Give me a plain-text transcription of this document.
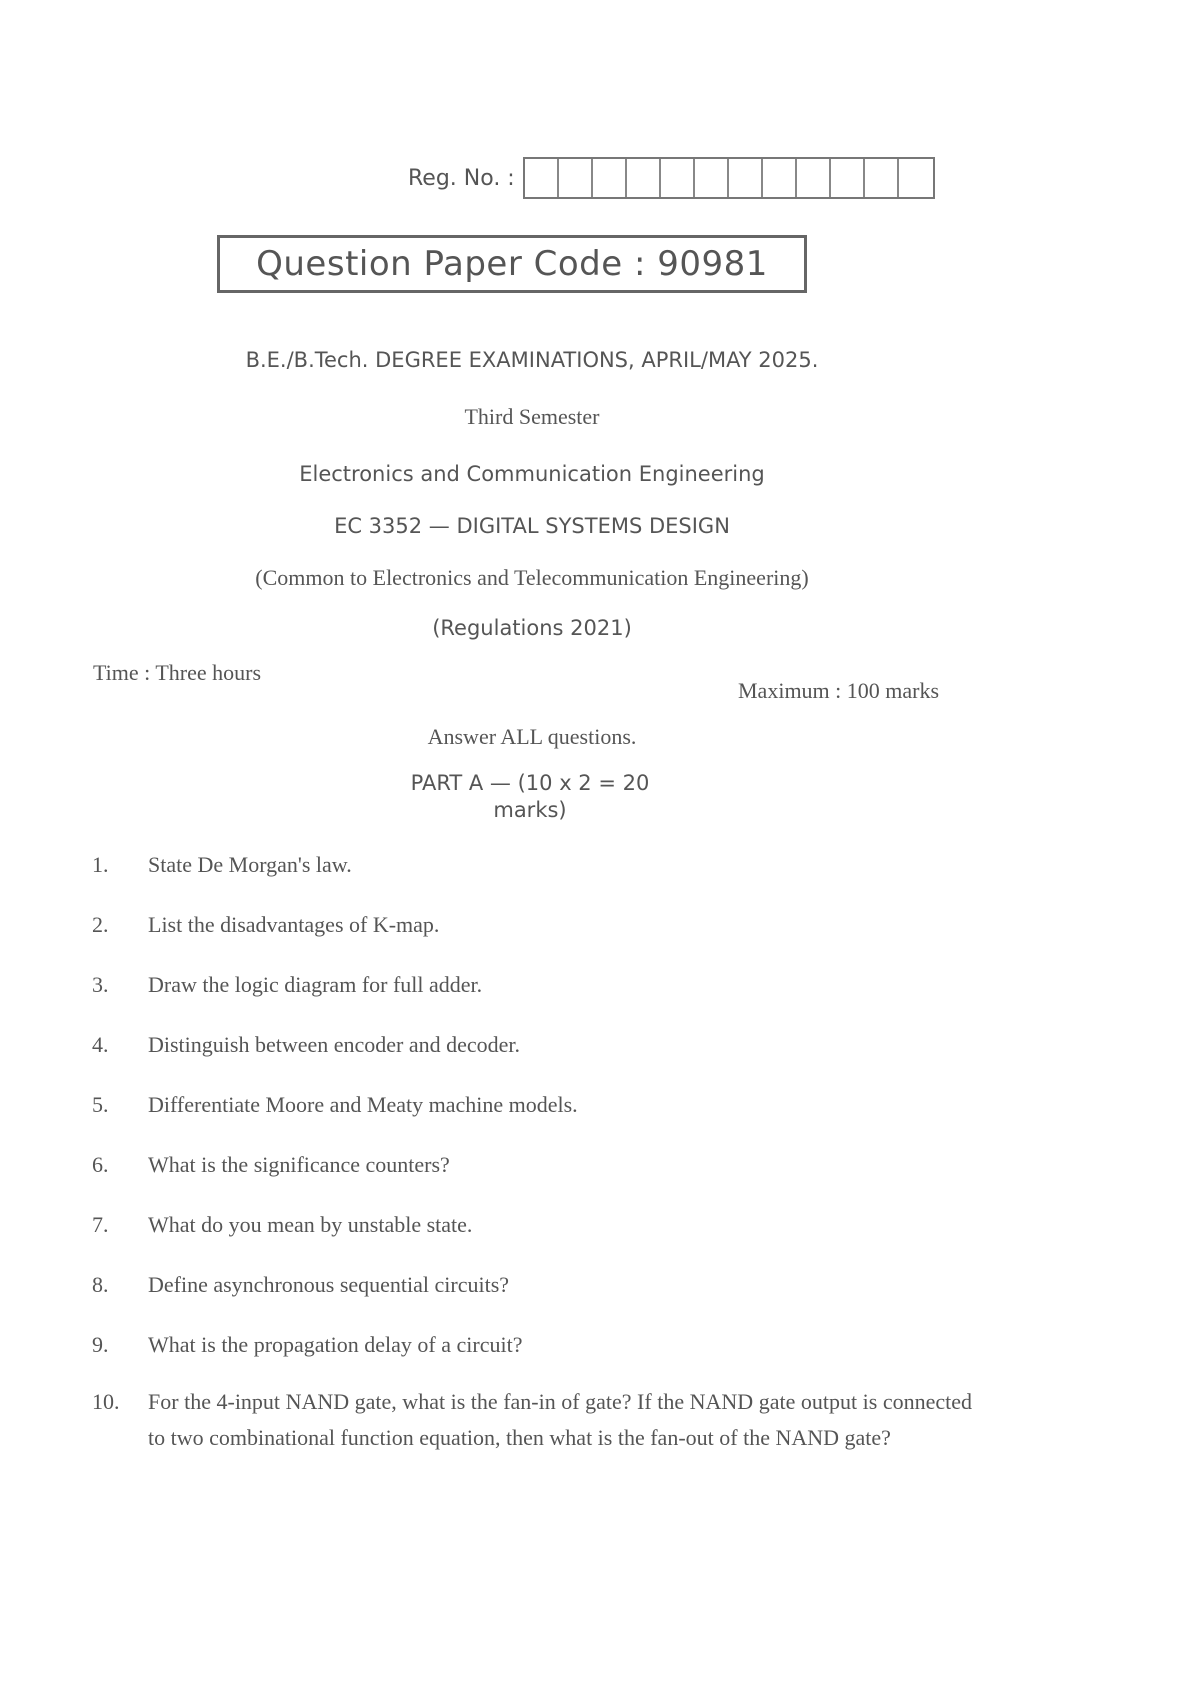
Reg. No. :
Question Paper Code : 90981
B.E./B.Tech. DEGREE EXAMINATIONS, APRIL/MAY 2025.
Third Semester
Electronics and Communication Engineering
EC 3352 — DIGITAL SYSTEMS DESIGN
(Common to Electronics and Telecommunication Engineering)
(Regulations 2021)
Time : Three hours
Maximum : 100 marks
Answer ALL questions.
PART A — (10 x 2 = 20
marks)
1.	State De Morgan's law.
2.	List the disadvantages of K-map.
3.	Draw the logic diagram for full adder.
4.	Distinguish between encoder and decoder.
5.	Differentiate Moore and Meaty machine models.
6.	What is the significance counters?
7.	What do you mean by unstable state.
8.	Define asynchronous sequential circuits?
9.	What is the propagation delay of a circuit?
10.	For the 4-input NAND gate, what is the fan-in of gate? If the NAND gate output is connected to two combinational function equation, then what is the fan-out of the NAND gate?
